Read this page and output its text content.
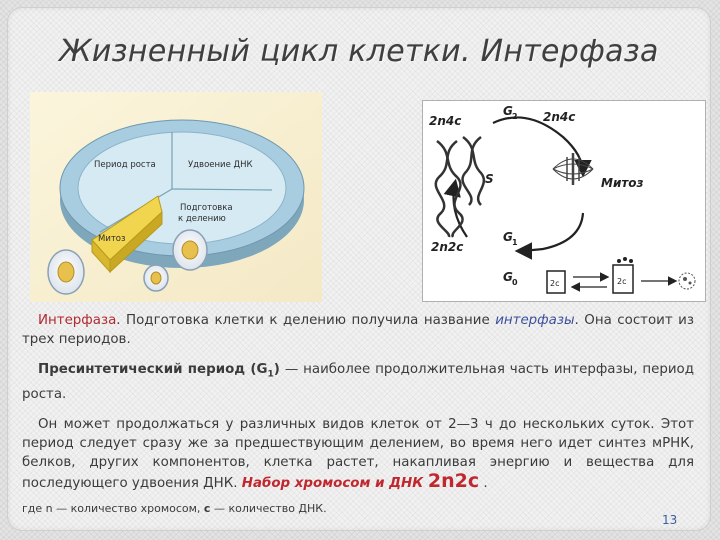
Жизненный цикл клетки. Интерфаза
Период роста	Удвоение ДНК
Подготовка
к делению
Митоз
2n4c
G 2 2n4c
S	Митоз
G 1
2n2c
G 0	2c	2c

Интерфаза. Подготовка клетки к делению получила название интерфазы. Она состоит из трех периодов.

Пресинтетический период $(G_1)$ — наиболее продолжительная часть интерфазы, период роста.

Он может продолжаться у различных видов клеток от 2—3 ч до нескольких суток. Этот период следует сразу же за предшествующим делением, во время него идет синтез мРНК, белков, других компонентов, клетка растет, накапливая энергию и вещества для последующего удвоения ДНК. Набор хромосом и ДНК 2n2c .

где n — количество хромосом, с — количество ДНК.

13
